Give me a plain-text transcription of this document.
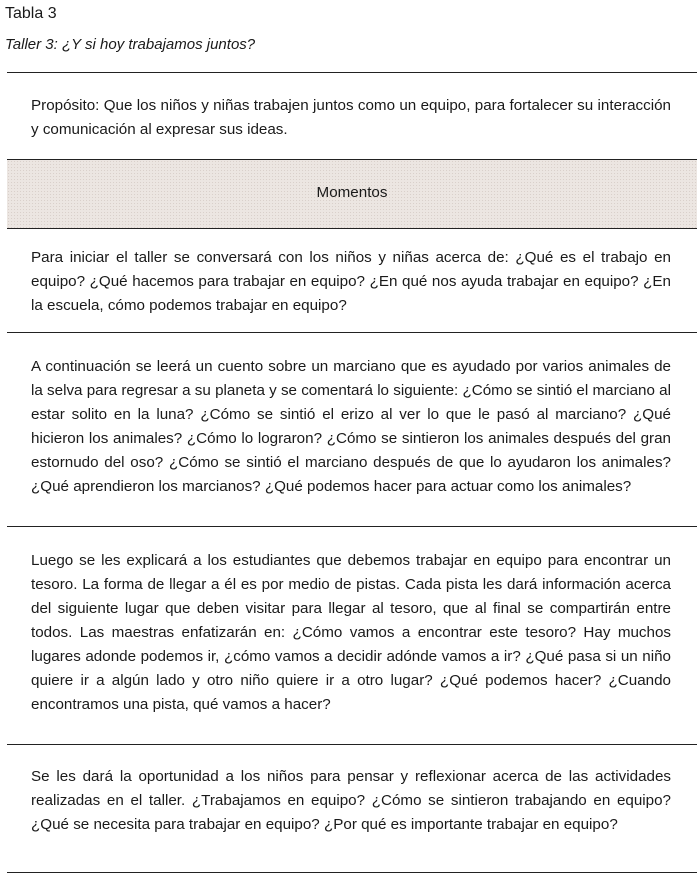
Tabla 3
Taller 3: ¿Y si hoy trabajamos juntos?
Propósito: Que los niños y niñas trabajen juntos como un equipo, para fortalecer su interacción y comunicación al expresar sus ideas.
Momentos
Para iniciar el taller se conversará con los niños y niñas acerca de: ¿Qué es el trabajo en equipo? ¿Qué hacemos para trabajar en equipo? ¿En qué nos ayuda trabajar en equipo? ¿En la escuela, cómo podemos trabajar en equipo?
A continuación se leerá un cuento sobre un marciano que es ayudado por varios animales de la selva para regresar a su planeta y se comentará lo siguiente: ¿Cómo se sintió el marciano al estar solito en la luna? ¿Cómo se sintió el erizo al ver lo que le pasó al marciano? ¿Qué hicieron los animales? ¿Cómo lo lograron? ¿Cómo se sintieron los animales después del gran estornudo del oso? ¿Cómo se sintió el marciano después de que lo ayudaron los animales? ¿Qué aprendieron los marcianos? ¿Qué podemos hacer para actuar como los animales?
Luego se les explicará a los estudiantes que debemos trabajar en equipo para encontrar un tesoro. La forma de llegar a él es por medio de pistas. Cada pista les dará información acerca del siguiente lugar que deben visitar para llegar al tesoro, que al final se compartirán entre todos. Las maestras enfatizarán en: ¿Cómo vamos a encontrar este tesoro? Hay muchos lugares adonde podemos ir, ¿cómo vamos a decidir adónde vamos a ir? ¿Qué pasa si un niño quiere ir a algún lado y otro niño quiere ir a otro lugar? ¿Qué podemos hacer? ¿Cuando encontramos una pista, qué vamos a hacer?
Se les dará la oportunidad a los niños para pensar y reflexionar acerca de las actividades realizadas en el taller. ¿Trabajamos en equipo? ¿Cómo se sintieron trabajando en equipo? ¿Qué se necesita para trabajar en equipo? ¿Por qué es importante trabajar en equipo?
